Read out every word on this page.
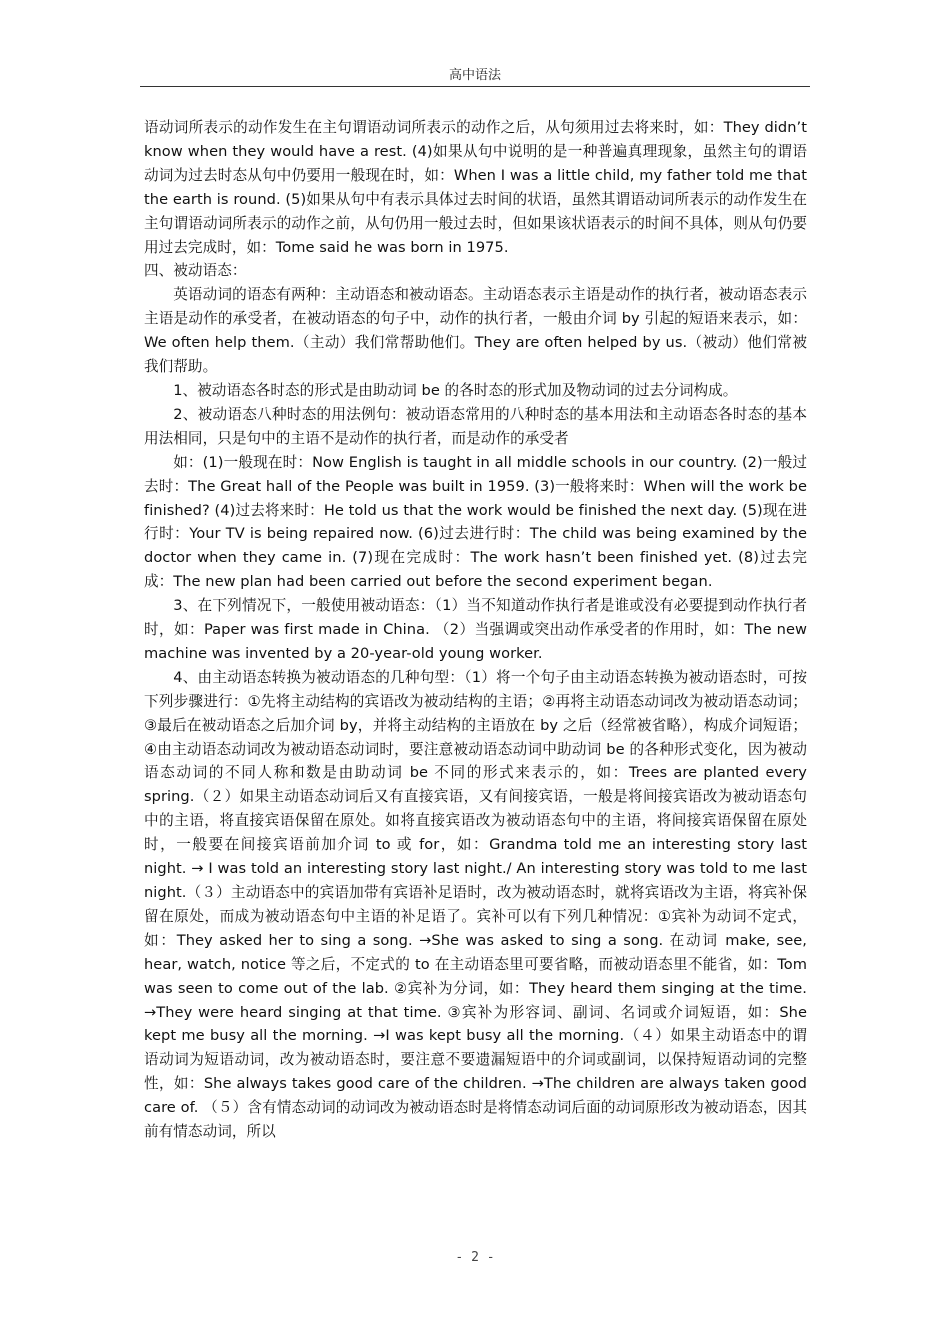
高中语法

语动词所表示的动作发生在主句谓语动词所表示的动作之后，从句须用过去将来时，如：They didn’t know when they would have a rest. (4)如果从句中说明的是一种普遍真理现象，虽然主句的谓语动词为过去时态从句中仍要用一般现在时，如：When I was a little child, my father told me that the earth is round. (5)如果从句中有表示具体过去时间的状语，虽然其谓语动词所表示的动作发生在主句谓语动词所表示的动作之前，从句仍用一般过去时，但如果该状语表示的时间不具体，则从句仍要用过去完成时，如：Tome said he was born in 1975.

四、被动语态：

英语动词的语态有两种：主动语态和被动语态。主动语态表示主语是动作的执行者，被动语态表示主语是动作的承受者，在被动语态的句子中，动作的执行者，一般由介词 by 引起的短语来表示，如：We often help them.（主动）我们常帮助他们。They are often helped by us.（被动）他们常被我们帮助。

1、被动语态各时态的形式是由助动词 be 的各时态的形式加及物动词的过去分词构成。

2、被动语态八种时态的用法例句：被动语态常用的八种时态的基本用法和主动语态各时态的基本用法相同，只是句中的主语不是动作的执行者，而是动作的承受者

如：(1)一般现在时：Now English is taught in all middle schools in our country. (2)一般过去时：The Great hall of the People was built in 1959. (3)一般将来时：When will the work be finished? (4)过去将来时：He told us that the work would be finished the next day. (5)现在进行时：Your TV is being repaired now. (6)过去进行时：The child was being examined by the doctor when they came in. (7)现在完成时：The work hasn’t been finished yet. (8)过去完成：The new plan had been carried out before the second experiment began.

3、在下列情况下，一般使用被动语态：（1）当不知道动作执行者是谁或没有必要提到动作执行者时，如：Paper was first made in China. （2）当强调或突出动作承受者的作用时，如：The new machine was invented by a 20-year-old young worker.

4、由主动语态转换为被动语态的几种句型：（1）将一个句子由主动语态转换为被动语态时，可按下列步骤进行：①先将主动结构的宾语改为被动结构的主语；②再将主动语态动词改为被动语态动词；③最后在被动语态之后加介词 by，并将主动结构的主语放在 by 之后（经常被省略），构成介词短语；④由主动语态动词改为被动语态动词时，要注意被动语态动词中助动词 be 的各种形式变化，因为被动语态动词的不同人称和数是由助动词 be 不同的形式来表示的，如：Trees are planted every spring.（２）如果主动语态动词后又有直接宾语，又有间接宾语，一般是将间接宾语改为被动语态句中的主语，将直接宾语保留在原处。如将直接宾语改为被动语态句中的主语，将间接宾语保留在原处时，一般要在间接宾语前加介词 to 或 for，如：Grandma told me an interesting story last night. → I was told an interesting story last night./ An interesting story was told to me last night.（３）主动语态中的宾语加带有宾语补足语时，改为被动语态时，就将宾语改为主语，将宾补保留在原处，而成为被动语态句中主语的补足语了。宾补可以有下列几种情况：①宾补为动词不定式，如：They asked her to sing a song. →She was asked to sing a song. 在动词 make, see, hear, watch, notice 等之后，不定式的 to 在主动语态里可要省略，而被动语态里不能省，如：Tom was seen to come out of the lab. ②宾补为分词，如：They heard them singing at the time. →They were heard singing at that time. ③宾补为形容词、副词、名词或介词短语，如：She kept me busy all the morning. →I was kept busy all the morning.（４）如果主动语态中的谓语动词为短语动词，改为被动语态时，要注意不要遗漏短语中的介词或副词，以保持短语动词的完整性，如：She always takes good care of the children. →The children are always taken good care of. （５）含有情态动词的动词改为被动语态时是将情态动词后面的动词原形改为被动语态，因其前有情态动词，所以

- 2 -
